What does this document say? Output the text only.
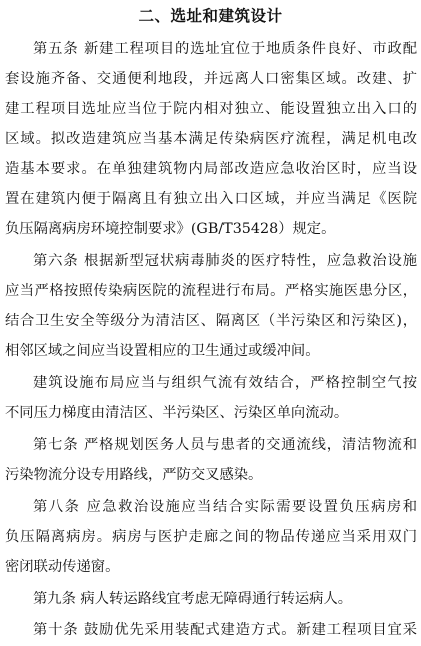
二、选址和建筑设计
第五条 新建工程项目的选址宜位于地质条件良好、市政配
套设施齐备、交通便利地段，并远离人口密集区域。改建、扩
建工程项目选址应当位于院内相对独立、能设置独立出入口的
区域。拟改造建筑应当基本满足传染病医疗流程，满足机电改
造基本要求。在单独建筑物内局部改造应急收治区时，应当设
置在建筑内便于隔离且有独立出入口区域，并应当满足《医院
负压隔离病房环境控制要求》(GB/T35428）规定。
第六条 根据新型冠状病毒肺炎的医疗特性，应急救治设施
应当严格按照传染病医院的流程进行布局。严格实施医患分区，
结合卫生安全等级分为清洁区、隔离区（半污染区和污染区)，
相邻区域之间应当设置相应的卫生通过或缓冲间。
建筑设施布局应当与组织气流有效结合，严格控制空气按
不同压力梯度由清洁区、半污染区、污染区单向流动。
第七条 严格规划医务人员与患者的交通流线，清洁物流和
污染物流分设专用路线，严防交叉感染。
第八条 应急救治设施应当结合实际需要设置负压病房和
负压隔离病房。病房与医护走廊之间的物品传递应当采用双门
密闭联动传递窗。
第九条 病人转运路线宜考虑无障碍通行转运病人。
第十条 鼓励优先采用装配式建造方式。新建工程项目宜采
